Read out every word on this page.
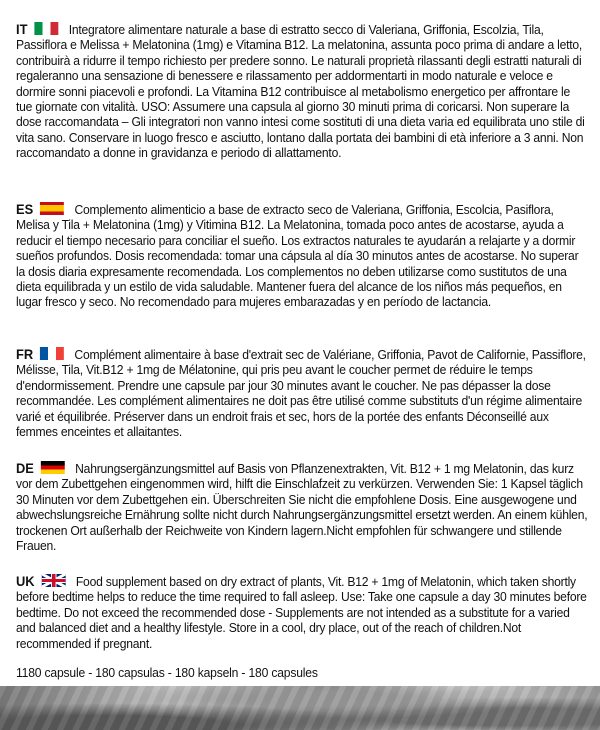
IT	Integratore alimentare naturale a base di estratto secco di Valeriana, Griffonia, Escolzia, Tila, Passiflora e Melissa + Melatonina (1mg) e Vitamina B12. La melatonina, assunta poco prima di andare a letto, contribuirà a ridurre il tempo richiesto per predere sonno. Le naturali proprietà rilassanti degli estratti naturali di regaleranno una sensazione di benessere e rilassamento per addormentarti in modo naturale e veloce e dormire sonni piacevoli e profondi. La Vitamina B12 contribuisce al metabolismo energetico per affrontare le tue giornate con vitalità. USO: Assumere una capsula al giorno 30 minuti prima di coricarsi. Non superare la dose raccomandata – Gli integratori non vanno intesi come sostituti di una dieta varia ed equilibrata uno stile di vita sano. Conservare in luogo fresco e asciutto, lontano dalla portata dei bambini di età inferiore a 3 anni. Non raccomandato a donne in gravidanza e periodo di allattamento.
ES	Complemento alimenticio a base de extracto seco de Valeriana, Griffonia, Escolcia, Pasiflora, Melisa y Tila + Melatonina (1mg) y Vitimina B12. La Melatonina, tomada poco antes de acostarse, ayuda a reducir el tiempo necesario para conciliar el sueño. Los extractos naturales te ayudarán a relajarte y a dormir sueños profundos. Dosis recomendada: tomar una cápsula al día 30 minutos antes de acostarse. No superar la dosis diaria expresamente recomendada. Los complementos no deben utilizarse como sustitutos de una dieta equilibrada y un estilo de vida saludable. Mantener fuera del alcance de los niños más pequeños, en lugar fresco y seco. No recomendado para mujeres embarazadas y en período de lactancia.
FR	Complément alimentaire à base d'extrait sec de Valériane, Griffonia, Pavot de Californie, Passiflore, Mélisse, Tila, Vit.B12 + 1mg de Mélatonine, qui pris peu avant le coucher permet de réduire le temps d'endormissement. Prendre une capsule par jour 30 minutes avant le coucher. Ne pas dépasser la dose recommandée. Les complément alimentaires ne doit pas être utilisé comme substituts d'un régime alimentaire varié et équilibrée. Préserver dans un endroit frais et sec, hors de la portée des enfants Déconseillé aux femmes enceintes et allaitantes.
DE	Nahrungsergänzungsmittel auf Basis von Pflanzenextrakten, Vit. B12 + 1 mg Melatonin, das kurz vor dem Zubettgehen eingenommen wird, hilft die Einschlafzeit zu verkürzen. Verwenden Sie: 1 Kapsel täglich 30 Minuten vor dem Zubettgehen ein. Überschreiten Sie nicht die empfohlene Dosis. Eine ausgewogene und abwechslungsreiche Ernährung sollte nicht durch Nahrungsergänzungsmittel ersetzt werden. An einem kühlen, trockenen Ort außerhalb der Reichweite von Kindern lagern.Nicht empfohlen für schwangere und stillende Frauen.
UK	Food supplement based on dry extract of plants, Vit. B12 + 1mg of Melatonin, which taken shortly before bedtime helps to reduce the time required to fall asleep. Use: Take one capsule a day 30 minutes before bedtime. Do not exceed the recommended dose - Supplements are not intended as a substitute for a varied and balanced diet and a healthy lifestyle. Store in a cool, dry place, out of the reach of children.Not recommended if pregnant.
1180 capsule - 180 capsulas - 180 kapseln - 180 capsules
